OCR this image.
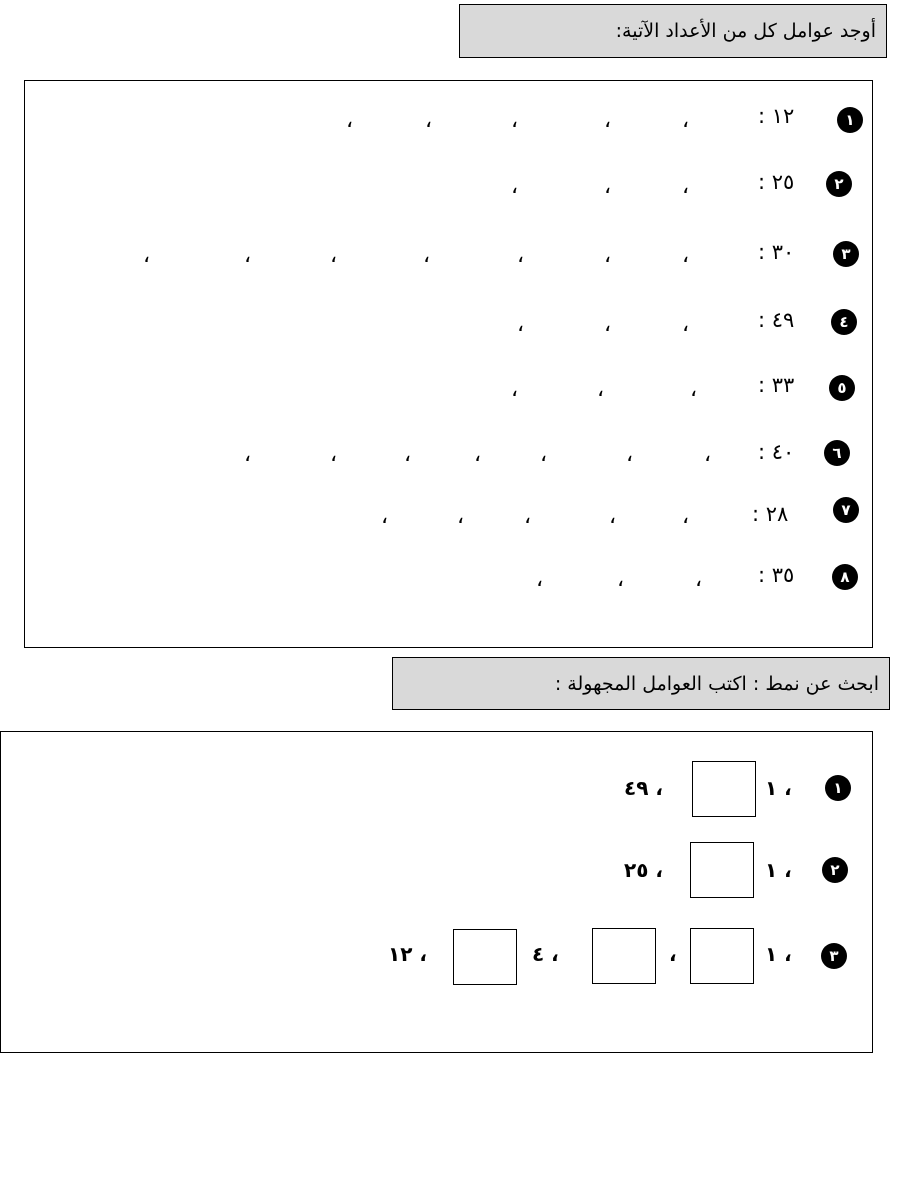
أوجد عوامل كل من الأعداد الآتية:
١
: ١٢
،
،
،
،
،
٢
: ٢٥
،
،
،
٣
: ٣٠
،
،
،
،
،
،
،
٤
: ٤٩
،
،
،
٥
: ٣٣
،
،
،
٦
: ٤٠
،
،
،
،
،
،
،
٧
: ٢٨
،
،
،
،
،
٨
: ٣٥
،
،
،
ابحث عن نمط : اكتب العوامل المجهولة :
١
١ ،
٤٩ ،
٢
١ ،
٢٥ ،
٣
١ ،
،
٤ ،
١٢ ،
